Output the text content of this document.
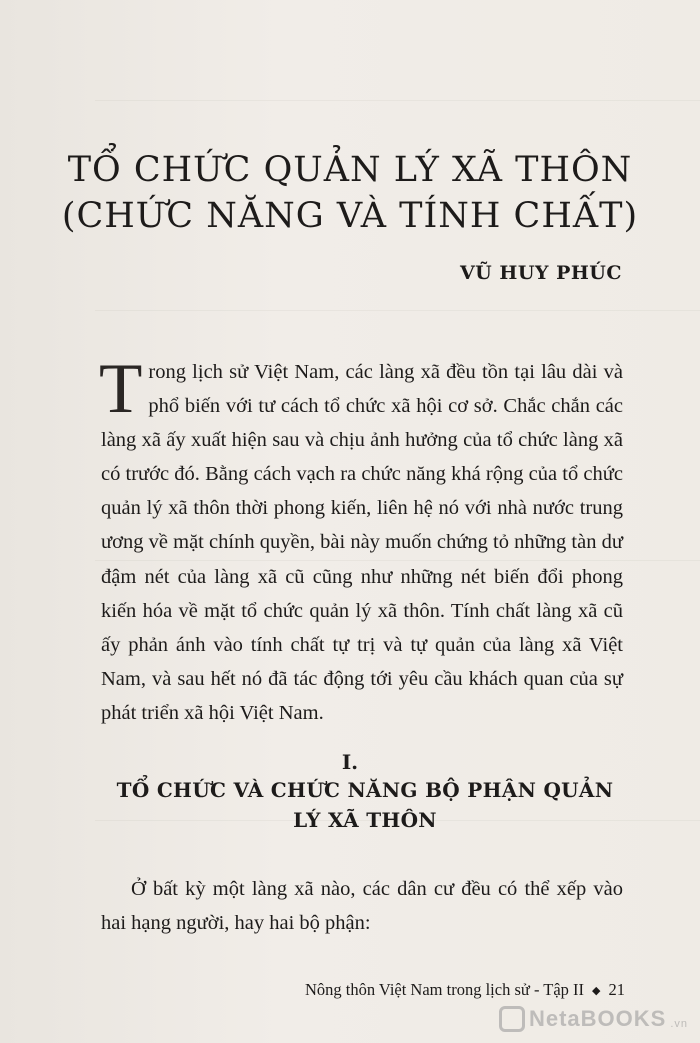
TỔ CHỨC QUẢN LÝ XÃ THÔN
(CHỨC NĂNG VÀ TÍNH CHẤT)
VŨ HUY PHÚC

Trong lịch sử Việt Nam, các làng xã đều tồn tại lâu dài và phổ biến với tư cách tổ chức xã hội cơ sở. Chắc chắn các làng xã ấy xuất hiện sau và chịu ảnh hưởng của tổ chức làng xã có trước đó. Bằng cách vạch ra chức năng khá rộng của tổ chức quản lý xã thôn thời phong kiến, liên hệ nó với nhà nước trung ương về mặt chính quyền, bài này muốn chứng tỏ những tàn dư đậm nét của làng xã cũ cũng như những nét biến đổi phong kiến hóa về mặt tổ chức quản lý xã thôn. Tính chất làng xã cũ ấy phản ánh vào tính chất tự trị và tự quản của làng xã Việt Nam, và sau hết nó đã tác động tới yêu cầu khách quan của sự phát triển xã hội Việt Nam.

I.
TỔ CHỨC VÀ CHỨC NĂNG BỘ PHẬN QUẢN LÝ XÃ THÔN

Ở bất kỳ một làng xã nào, các dân cư đều có thể xếp vào hai hạng người, hay hai bộ phận:

Nông thôn Việt Nam trong lịch sử - Tập II ◆ 21
NetaBOOKS .vn
